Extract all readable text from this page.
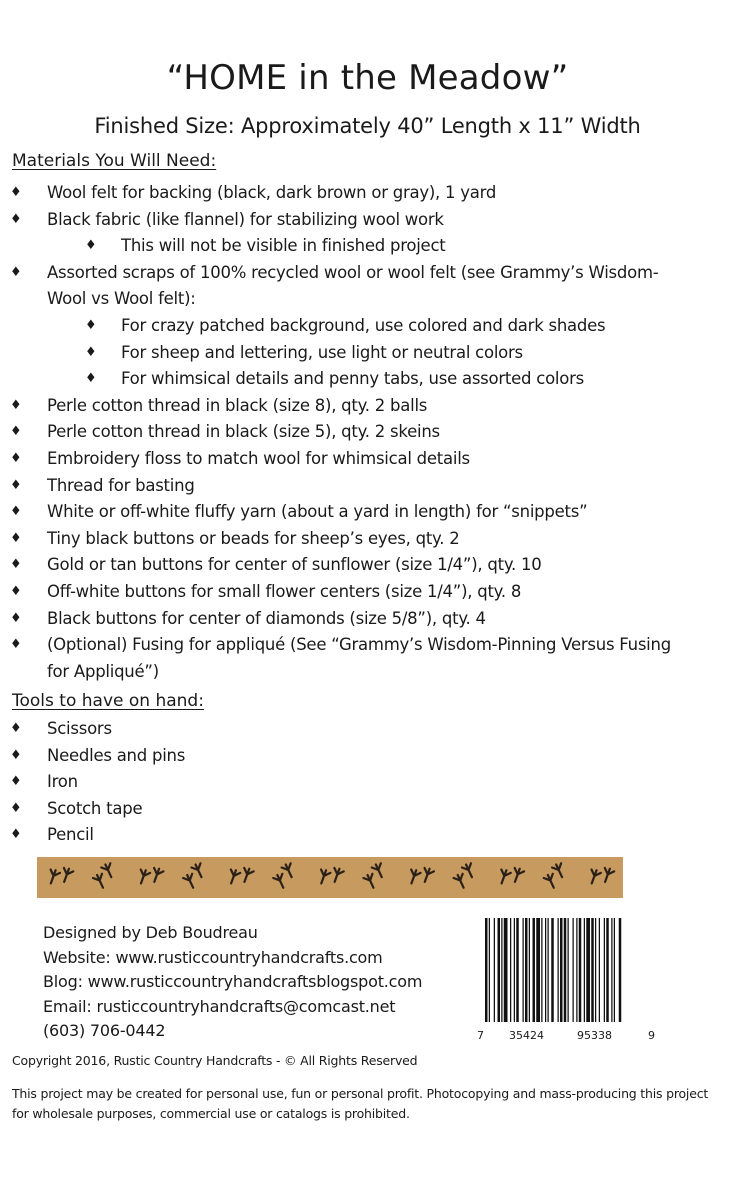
“HOME in the Meadow”
Finished Size: Approximately 40” Length x 11” Width
Materials You Will Need:
♦	Wool felt for backing (black, dark brown or gray), 1 yard
♦	Black fabric (like flannel) for stabilizing wool work
♦	This will not be visible in finished project
♦	Assorted scraps of 100% recycled wool or wool felt (see Grammy’s Wisdom-Wool vs Wool felt):
♦	For crazy patched background, use colored and dark shades
♦	For sheep and lettering, use light or neutral colors
♦	For whimsical details and penny tabs, use assorted colors
♦	Perle cotton thread in black (size 8), qty. 2 balls
♦	Perle cotton thread in black (size 5), qty. 2 skeins
♦	Embroidery floss to match wool for whimsical details
♦	Thread for basting
♦	White or off-white fluffy yarn (about a yard in length) for “snippets”
♦	Tiny black buttons or beads for sheep’s eyes, qty. 2
♦	Gold or tan buttons for center of sunflower (size 1/4”), qty. 10
♦	Off-white buttons for small flower centers (size 1/4”), qty. 8
♦	Black buttons for center of diamonds (size 5/8”), qty. 4
♦	(Optional) Fusing for appliqué (See “Grammy’s Wisdom-Pinning Versus Fusing for Appliqué”)
Tools to have on hand:
♦	Scissors
♦	Needles and pins
♦	Iron
♦	Scotch tape
♦	Pencil
Designed by Deb Boudreau
Website: www.rusticcountryhandcrafts.com
Blog: www.rusticcountryhandcraftsblogspot.com
Email: rusticcountryhandcrafts@comcast.net
(603) 706-0442	7 35424	95338	9
Copyright 2016, Rustic Country Handcrafts - © All Rights Reserved
This project may be created for personal use, fun or personal profit. Photocopying and mass-producing this project for wholesale purposes, commercial use or catalogs is prohibited.
